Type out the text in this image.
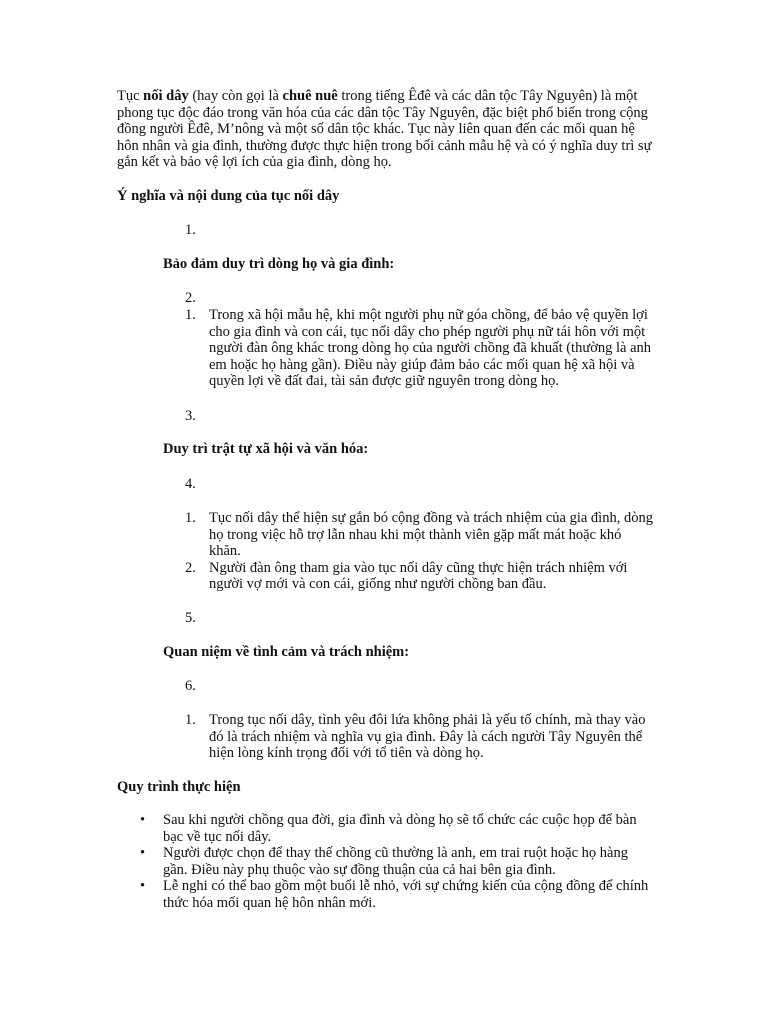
Tục nối dây (hay còn gọi là chuê nuê trong tiếng Êđê và các dân tộc Tây Nguyên) là một phong tục độc đáo trong văn hóa của các dân tộc Tây Nguyên, đặc biệt phổ biến trong cộng đồng người Êđê, M’nông và một số dân tộc khác. Tục này liên quan đến các mối quan hệ hôn nhân và gia đình, thường được thực hiện trong bối cảnh mẫu hệ và có ý nghĩa duy trì sự gắn kết và bảo vệ lợi ích của gia đình, dòng họ.
Ý nghĩa và nội dung của tục nối dây
1.
Bảo đảm duy trì dòng họ và gia đình:
2.
1. Trong xã hội mẫu hệ, khi một người phụ nữ góa chồng, để bảo vệ quyền lợi cho gia đình và con cái, tục nối dây cho phép người phụ nữ tái hôn với một người đàn ông khác trong dòng họ của người chồng đã khuất (thường là anh em hoặc họ hàng gần). Điều này giúp đảm bảo các mối quan hệ xã hội và quyền lợi về đất đai, tài sản được giữ nguyên trong dòng họ.
3.
Duy trì trật tự xã hội và văn hóa:
4.
1. Tục nối dây thể hiện sự gắn bó cộng đồng và trách nhiệm của gia đình, dòng họ trong việc hỗ trợ lẫn nhau khi một thành viên gặp mất mát hoặc khó khăn.
2. Người đàn ông tham gia vào tục nối dây cũng thực hiện trách nhiệm với người vợ mới và con cái, giống như người chồng ban đầu.
5.
Quan niệm về tình cảm và trách nhiệm:
6.
1. Trong tục nối dây, tình yêu đôi lứa không phải là yếu tố chính, mà thay vào đó là trách nhiệm và nghĩa vụ gia đình. Đây là cách người Tây Nguyên thể hiện lòng kính trọng đối với tổ tiên và dòng họ.
Quy trình thực hiện
• Sau khi người chồng qua đời, gia đình và dòng họ sẽ tổ chức các cuộc họp để bàn bạc về tục nối dây.
• Người được chọn để thay thế chồng cũ thường là anh, em trai ruột hoặc họ hàng gần. Điều này phụ thuộc vào sự đồng thuận của cả hai bên gia đình.
• Lễ nghi có thể bao gồm một buổi lễ nhỏ, với sự chứng kiến của cộng đồng để chính thức hóa mối quan hệ hôn nhân mới.
